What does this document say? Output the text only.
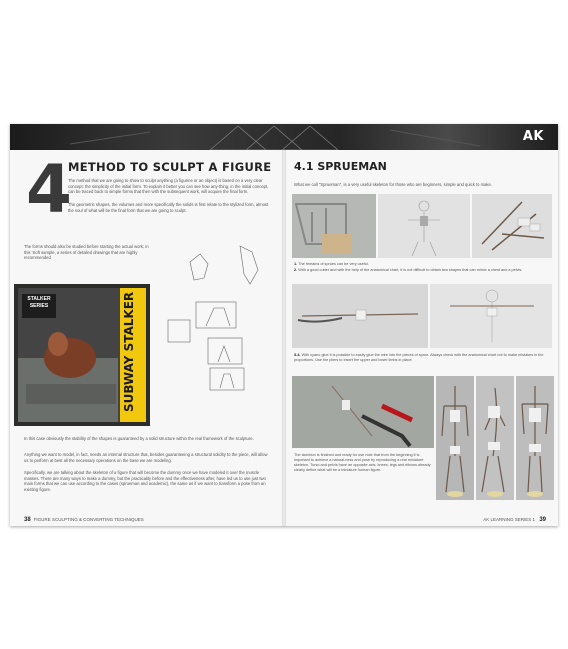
AK
4
METHOD TO SCULPT A FIGURE
The method that we are going to show to sculpt anything (a figurine or an object) is based on a very clear concept: the simplicity of the initial form. To explain it better you can see how any-thing, in the initial concept, can be traced back to simple forms that then with the subsequent work, will acquire the final form.
The geometric shapes, the volumes and more specifically the solids is first relate to the stylized form, almost the soul of what will be the final form that we are going to sculpt.
The forms should also be studied before starting the actual work; in this 'Soft sample, a series of detailed drawings that are highly recommended
STALKER SERIES	SUBWAY STALKER
In this case obviously the stability of the shapes is guaranteed by a solid structure within the real framework of the sculpture.
Anything we want to model, in fact, needs an internal structure that, besides guaranteeing a structural solidity to the piece, will allow us to perform at best all the necessary operations on the base we are modeling.
Specifically, we are talking about the skeleton of a figure that will become the dummy once we have modeled it over the muscle masses. There are many ways to make a dummy, but the practicality before and the effectiveness after, have led us to use just two main forms that we can use according to the cases (sprueman and academic), the same as if we want to transform a pose from an existing figure.
38 FIGURE SCULPTING & CONVERTING TECHNIQUES
4.1 SPRUEMAN
What we call "Sprueman", is a very useful skeleton for those who are beginners, simple and quick to make.
1. The remains of sprues can be very useful.
2. With a good cutter and with the help of the anatomical chart, it is not difficult to obtain two shapes that can mimic a chest and a pelvis.
3-4. With cyano glue it is possible to easily glue the wire into the pieces of sprue. Always check with the anatomical chart not to make mistakes in the proportions. Use the pliers to insert the upper and lower limbs in place.
The skeleton is finished and ready for use note that from the beginning it is important to achieve a natural-ness and pose by reproducing a real miniature skeleton. Torso and pelvis have an opposite axis, knees, legs and elbows already clearly define what will be a miniature human figure.
AK LEARNING SERIES 1 39
